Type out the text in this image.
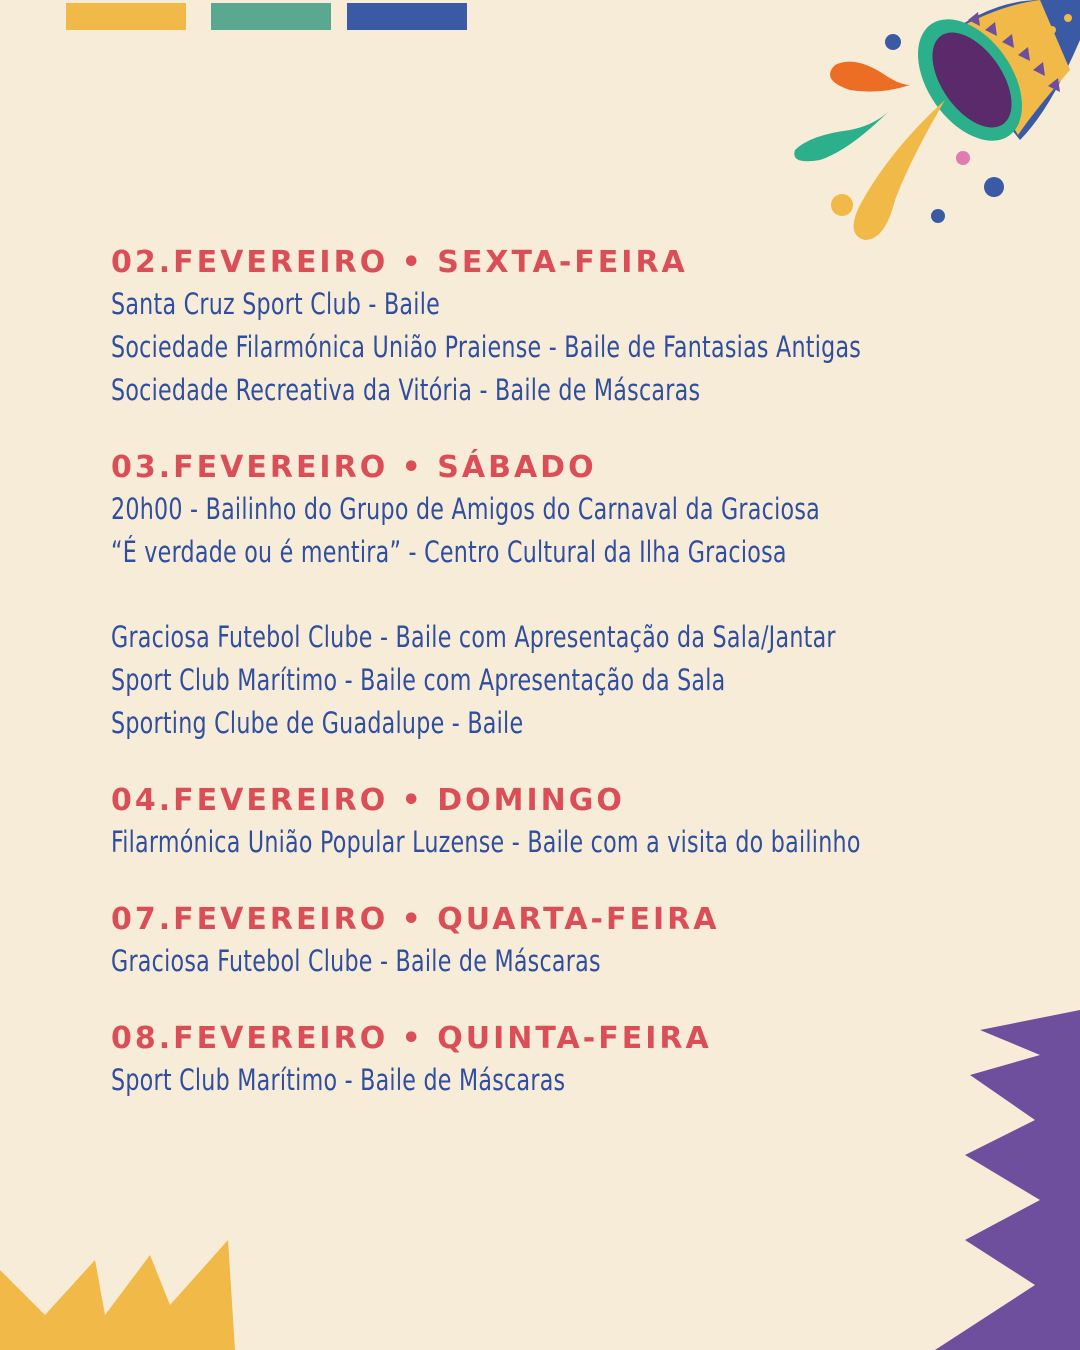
02.FEVEREIRO • SEXTA-FEIRA

Santa Cruz Sport Club - Baile

Sociedade Filarmónica União Praiense - Baile de Fantasias Antigas

Sociedade Recreativa da Vitória - Baile de Máscaras

03.FEVEREIRO • SÁBADO

20h00 - Bailinho do Grupo de Amigos do Carnaval da Graciosa

“É verdade ou é mentira” - Centro Cultural da Ilha Graciosa

Graciosa Futebol Clube - Baile com Apresentação da Sala/Jantar

Sport Club Marítimo - Baile com Apresentação da Sala

Sporting Clube de Guadalupe - Baile

04.FEVEREIRO • DOMINGO

Filarmónica União Popular Luzense - Baile com a visita do bailinho

07.FEVEREIRO • QUARTA-FEIRA

Graciosa Futebol Clube - Baile de Máscaras

08.FEVEREIRO • QUINTA-FEIRA

Sport Club Marítimo - Baile de Máscaras
